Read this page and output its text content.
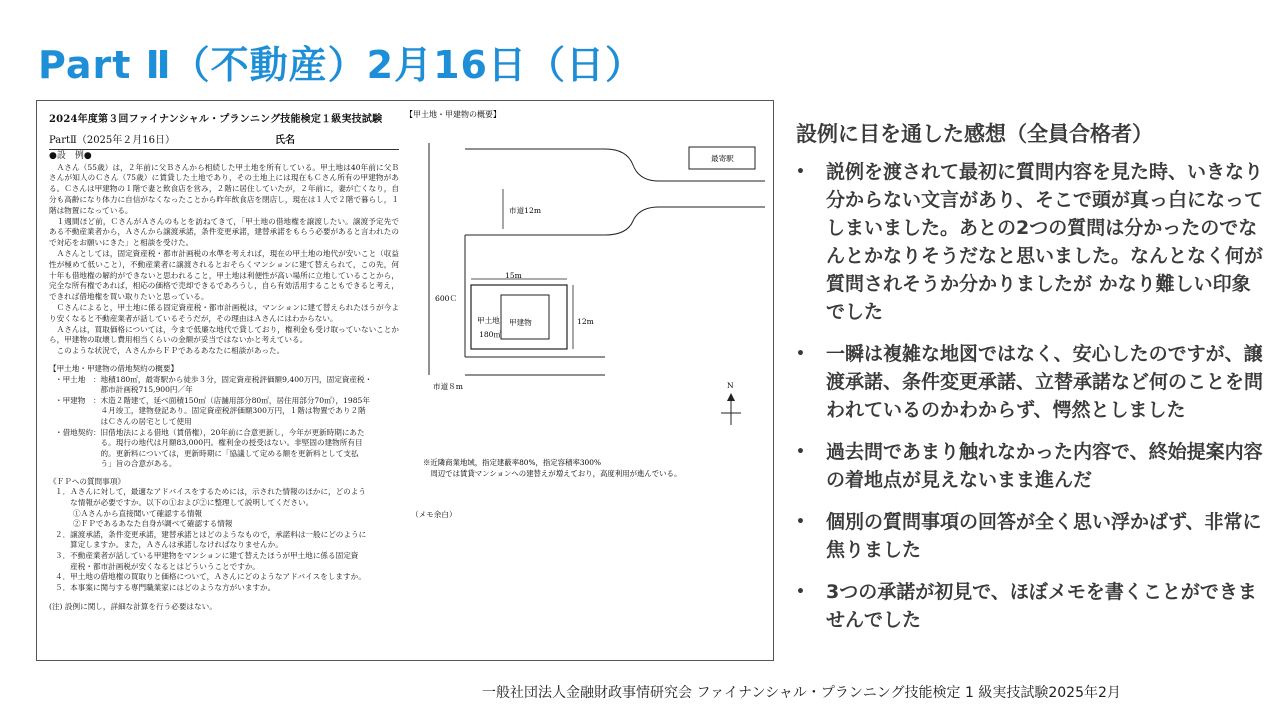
Part Ⅱ（不動産）2月16日（日）
2024年度第３回ファイナンシャル・プランニング技能検定１級実技試験
PartⅡ（2025年２月16日）	氏名
●設　例●

Ａさん（55歳）は，２年前に父Ｂさんから相続した甲土地を所有している。甲土地は40年前に父Ｂさんが知人のＣさん（75歳）に賃貸した土地であり，その土地上には現在もＣさん所有の甲建物がある。Ｃさんは甲建物の１階で妻と飲食店を営み，２階に居住していたが，２年前に，妻が亡くなり，自分も高齢になり体力に自信がなくなったことから昨年飲食店を閉店し，現在は１人で２階で暮らし，１階は物置になっている。

１週間ほど前，ＣさんがＡさんのもとを訪ねてきて，「甲土地の借地権を譲渡したい。譲渡予定先である不動産業者から，Ａさんから譲渡承諾，条件変更承諾，建替承諾をもらう必要があると言われたので対応をお願いにきた」と相談を受けた。

Ａさんとしては，固定資産税・都市計画税の水準を考えれば，現在の甲土地の地代が安いこと（収益性が極めて低いこと），不動産業者に譲渡されるとおそらくマンションに建て替えられて，この先，何十年も借地権の解約ができないと思われること，甲土地は利便性が高い場所に立地していることから，完全な所有権であれば，相応の価格で売却できるであろうし，自ら有効活用することもできると考え，できれば借地権を買い取りたいと思っている。

Ｃさんによると，甲土地に係る固定資産税・都市計画税は，マンションに建て替えられたほうが今より安くなると不動産業者が話しているそうだが，その理由はＡさんにはわからない。

Ａさんは，買取価格については，今まで低廉な地代で貸しており，権利金も受け取っていないことから，甲建物の取壊し費用相当くらいの金額が妥当ではないかと考えている。

このような状況で，ＡさんからＦＰであるあなたに相談があった。

【甲土地・甲建物の借地契約の概要】
・甲土地　：地積180㎡，最寄駅から徒歩３分，固定資産税評価額9,400万円，固定資産税・
　　　　　　都市計画税715,900円／年
・甲建物　：木造２階建て，延べ面積150㎡（店舗用部分80㎡，居住用部分70㎡），1985年
　　　　　　４月竣工，建物登記あり。固定資産税評価額300万円，１階は物置であり２階
　　　　　　はＣさんの居宅として使用
・借地契約：旧借地法による借地（賃借権），20年前に合意更新し，今年が更新時期にあた
　　　　　　る。現行の地代は月額83,000円。権利金の授受はない。非堅固の建物所有目
　　　　　　的。更新料については，更新時期に「協議して定める額を更新料として支払
　　　　　　う」旨の合意がある。
《ＦＰへの質問事項》
１．Ａさんに対して，最適なアドバイスをするためには，示された情報のほかに，どのよう
　　な情報が必要ですか。以下の①および②に整理して説明してください。
①Ａさんから直接聞いて確認する情報
②ＦＰであるあなた自身が調べて確認する情報
２．譲渡承諾，条件変更承諾，建替承諾とはどのようなもので，承諾料は一般にどのように
　　算定しますか。また，Ａさんは承諾しなければなりませんか。
３．不動産業者が話している甲建物をマンションに建て替えたほうが甲土地に係る固定資
　　産税・都市計画税が安くなるとはどういうことですか。
４．甲土地の借地権の買取りと価格について，Ａさんにどのようなアドバイスをしますか。
５．本事案に関与する専門職業家にはどのような方がいますか。
(注) 設例に関し，詳細な計算を行う必要はない。
【甲土地・甲建物の概要】
最寄駅
市道12m
15m
600Ｃ
12m
甲土地
180㎡
甲建物
市道８m	N
※近隣商業地域，指定建蔽率80%，指定容積率300%
　周辺では賃貸マンションへの建替えが増えており，高度利用が進んでいる。
（メモ余白）
設例に目を通した感想（全員合格者）
•	説例を渡されて最初に質問内容を見た時、いきなり分からない文言があり、そこで頭が真っ白になってしまいました。あとの2つの質問は分かったのでなんとかなりそうだなと思いました。なんとなく何が質問されそうか分かりましたが かなり難しい印象でした
•	一瞬は複雑な地図ではなく、安心したのですが、譲渡承諾、条件変更承諾、立替承諾など何のことを問われているのかわからず、愕然としました
•	過去問であまり触れなかった内容で、終始提案内容の着地点が見えないまま進んだ
•	個別の質問事項の回答が全く思い浮かばず、非常に焦りました
•	3つの承諾が初見で、ほぼメモを書くことができませんでした
一般社団法人金融財政事情研究会 ファイナンシャル・プランニング技能検定 1 級実技試験2025年2月
